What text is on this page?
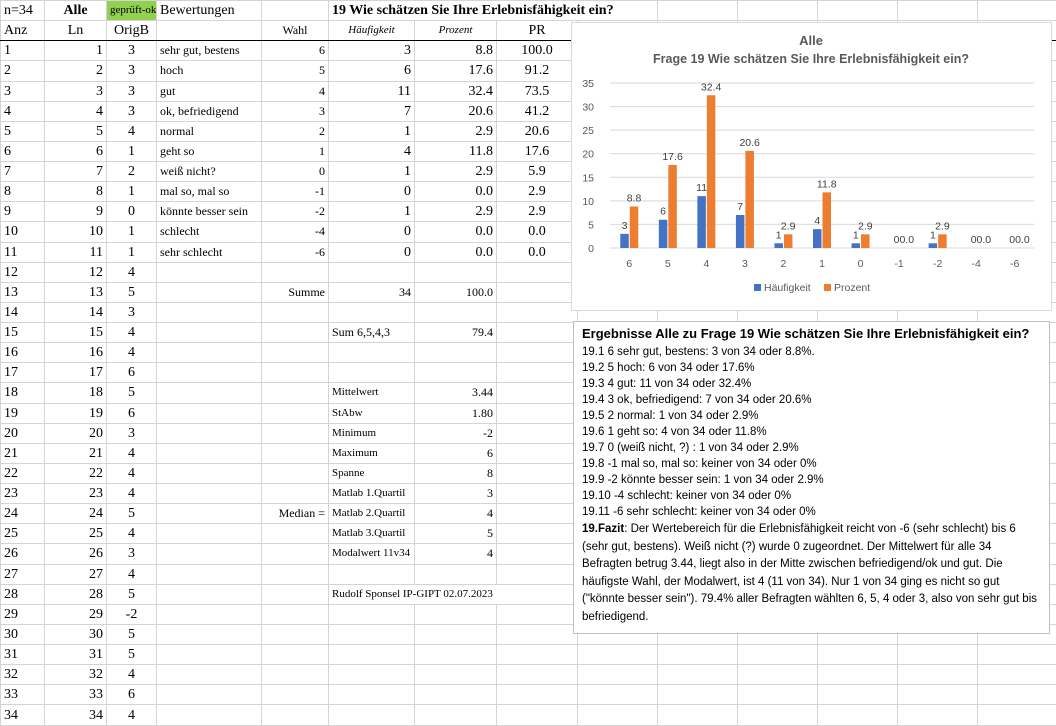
n=34	Alle	geprüft-ok	Bewertungen		19 Wie schätzen Sie Ihre Erlebnisfähigkeit ein?								
Anz	Ln	OrigB		Wahl	Häufigkeit	Prozent	PR						
1	1	3	sehr gut, bestens	6	3	8.8	100.0						
2	2	3	hoch	5	6	17.6	91.2						
3	3	3	gut	4	11	32.4	73.5						
4	4	3	ok, befriedigend	3	7	20.6	41.2						
5	5	4	normal	2	1	2.9	20.6						
6	6	1	geht so	1	4	11.8	17.6						
7	7	2	weiß nicht?	0	1	2.9	5.9						
8	8	1	mal so, mal so	-1	0	0.0	2.9						
9	9	0	könnte besser sein	-2	1	2.9	2.9						
10	10	1	schlecht	-4	0	0.0	0.0						
11	11	1	sehr schlecht	-6	0	0.0	0.0						
12	12	4											
13	13	5		Summe	34	100.0							
14	14	3											
15	15	4			Sum 6,5,4,3	79.4							
16	16	4											
17	17	6											
18	18	5			Mittelwert	3.44							
19	19	6			StAbw	1.80							
20	20	3			Minimum	-2							
21	21	4			Maximum	6							
22	22	4			Spanne	8							
23	23	4			Matlab 1.Quartil	3							
24	24	5		Median =	Matlab 2.Quartil	4							
25	25	4			Matlab 3.Quartil	5							
26	26	3			Modalwert 11v34	4							
27	27	4											
28	28	5			Rudolf Sponsel IP-GIPT 02.07.2023								
29	29	-2											
30	30	5											
31	31	5											
32	32	4											
33	33	6											
34	34	4											
Alle
Frage 19 Wie schätzen Sie Ihre Erlebnisfähigkeit ein?
0
5
10
15
20
25
30
35
6
3
8.8
5
6
17.6
4
11
32.4
3
7
20.6
2
1
2.9
1
4
11.8
0
1
2.9
-1
00.0
-2
1
2.9
-4
00.0
-6
00.0
Häufigkeit Prozent
Ergebnisse Alle zu Frage 19 Wie schätzen Sie Ihre Erlebnisfähigkeit ein?
19.1 6 sehr gut, bestens: 3 von 34 oder 8.8%.
19.2 5 hoch: 6 von 34 oder 17.6%
19.3 4 gut: 11 von 34 oder 32.4%
19.4 3 ok, befriedigend: 7 von 34 oder 20.6%
19.5 2 normal: 1 von 34 oder 2.9%
19.6 1 geht so: 4 von 34 oder 11.8%
19.7 0 (weiß nicht, ?) : 1 von 34 oder 2.9%
19.8 -1 mal so, mal so: keiner von 34 oder 0%
19.9 -2 könnte besser sein: 1 von 34 oder 2.9%
19.10 -4 schlecht: keiner von 34 oder 0%
19.11 -6 sehr schlecht: keiner von 34 oder 0%
19.Fazit: Der Wertebereich für die Erlebnisfähigkeit reicht von -6 (sehr schlecht) bis 6 (sehr gut, bestens). Weiß nicht (?) wurde 0 zugeordnet. Der Mittelwert für alle 34 Befragten betrug 3.44, liegt also in der Mitte zwischen befriedigend/ok und gut. Die häufigste Wahl, der Modalwert, ist 4 (11 von 34). Nur 1 von 34 ging es nicht so gut ("könnte besser sein"). 79.4% aller Befragten wählten 6, 5, 4 oder 3, also von sehr gut bis befriedigend.
